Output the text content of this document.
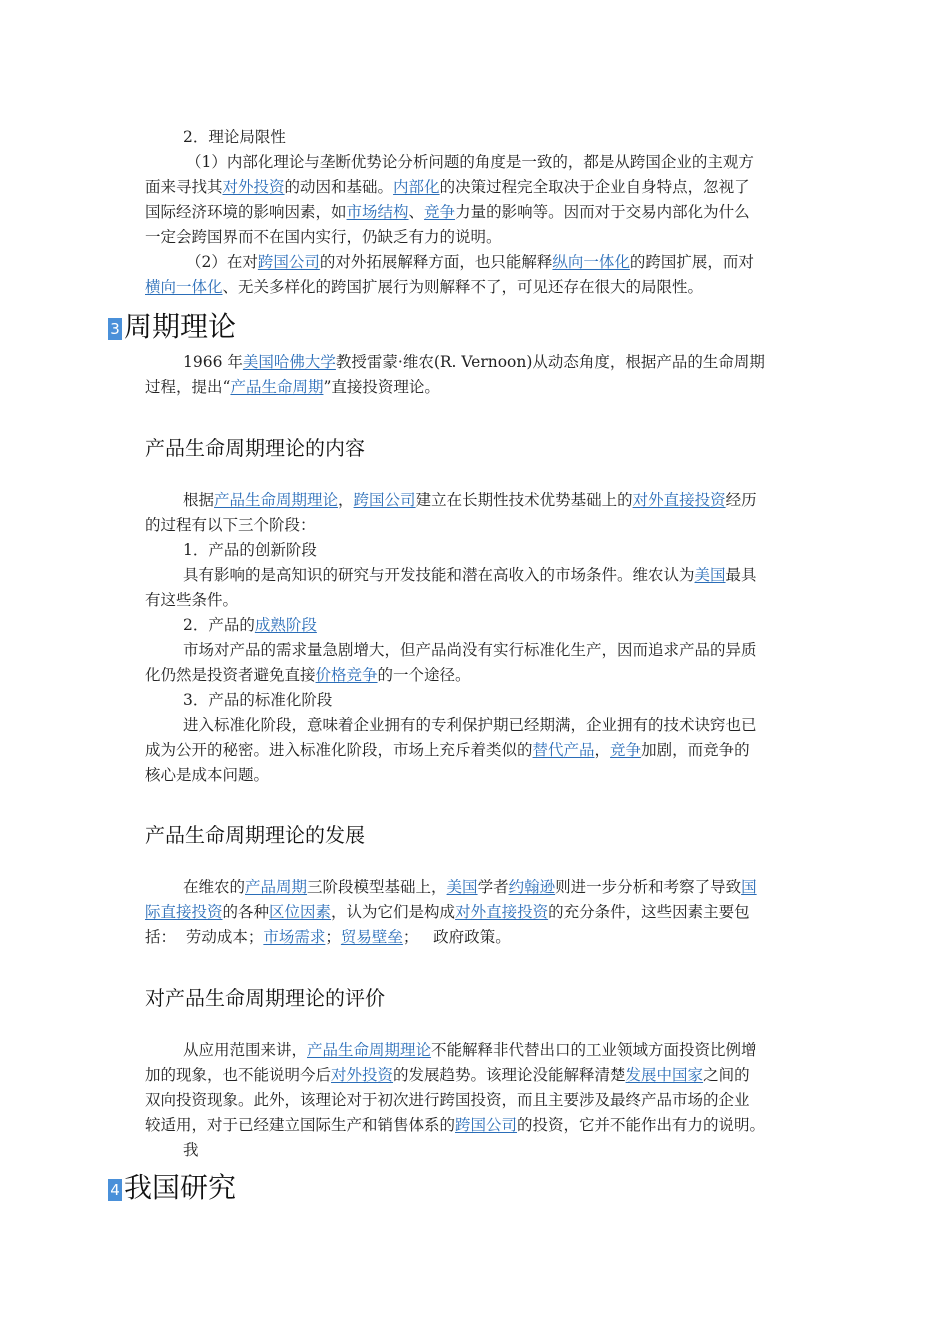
2．理论局限性
（1）内部化理论与垄断优势论分析问题的角度是一致的，都是从跨国企业的主观方
面来寻找其对外投资的动因和基础。内部化的决策过程完全取决于企业自身特点，忽视了
国际经济环境的影响因素，如市场结构、竞争力量的影响等。因而对于交易内部化为什么
一定会跨国界而不在国内实行，仍缺乏有力的说明。
（2）在对跨国公司的对外拓展解释方面，也只能解释纵向一体化的跨国扩展，而对
横向一体化、无关多样化的跨国扩展行为则解释不了，可见还存在很大的局限性。
3 周期理论
1966 年美国哈佛大学教授雷蒙·维农(R. Vernoon)从动态角度，根据产品的生命周期
过程，提出“产品生命周期”直接投资理论。
产品生命周期理论的内容
根据产品生命周期理论，跨国公司建立在长期性技术优势基础上的对外直接投资经历
的过程有以下三个阶段：
1．产品的创新阶段
具有影响的是高知识的研究与开发技能和潜在高收入的市场条件。维农认为美国最具
有这些条件。
2．产品的成熟阶段
市场对产品的需求量急剧增大，但产品尚没有实行标准化生产，因而追求产品的异质
化仍然是投资者避免直接价格竞争的一个途径。
3．产品的标准化阶段
进入标准化阶段，意味着企业拥有的专利保护期已经期满，企业拥有的技术诀窍也已
成为公开的秘密。进入标准化阶段，市场上充斥着类似的替代产品，竞争加剧，而竞争的
核心是成本问题。
产品生命周期理论的发展
在维农的产品周期三阶段模型基础上，美国学者约翰逊则进一步分析和考察了导致国
际直接投资的各种区位因素，认为它们是构成对外直接投资的充分条件，这些因素主要包
括：  劳动成本；市场需求；贸易壁垒；   政府政策。
对产品生命周期理论的评价
从应用范围来讲，产品生命周期理论不能解释非代替出口的工业领域方面投资比例增
加的现象，也不能说明今后对外投资的发展趋势。该理论没能解释清楚发展中国家之间的
双向投资现象。此外，该理论对于初次进行跨国投资，而且主要涉及最终产品市场的企业
较适用，对于已经建立国际生产和销售体系的跨国公司的投资，它并不能作出有力的说明。
我
4 我国研究
